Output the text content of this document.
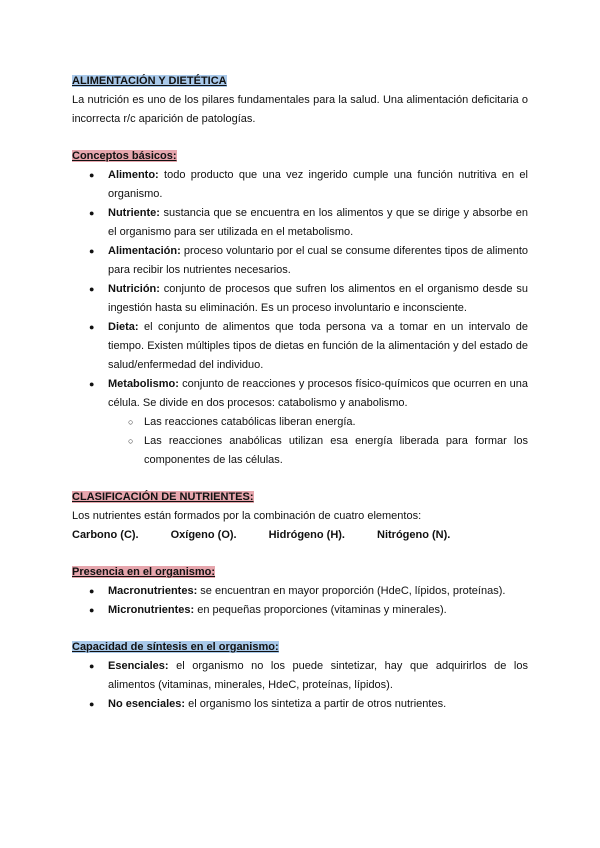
ALIMENTACIÓN Y DIETÉTICA

La nutrición es uno de los pilares fundamentales para la salud. Una alimentación deficitaria o incorrecta r/c aparición de patologías.

Conceptos básicos:

● Alimento: todo producto que una vez ingerido cumple una función nutritiva en el organismo.
● Nutriente: sustancia que se encuentra en los alimentos y que se dirige y absorbe en el organismo para ser utilizada en el metabolismo.
● Alimentación: proceso voluntario por el cual se consume diferentes tipos de alimento para recibir los nutrientes necesarios.
● Nutrición: conjunto de procesos que sufren los alimentos en el organismo desde su ingestión hasta su eliminación. Es un proceso involuntario e inconsciente.
● Dieta: el conjunto de alimentos que toda persona va a tomar en un intervalo de tiempo. Existen múltiples tipos de dietas en función de la alimentación y del estado de salud/enfermedad del individuo.
● Metabolismo: conjunto de reacciones y procesos físico-químicos que ocurren en una célula. Se divide en dos procesos: catabolismo y anabolismo.
○ Las reacciones catabólicas liberan energía.
○ Las reacciones anabólicas utilizan esa energía liberada para formar los componentes de las células.

CLASIFICACIÓN DE NUTRIENTES:

Los nutrientes están formados por la combinación de cuatro elementos:

Carbono (C).	Oxígeno (O).	Hidrógeno (H).	Nitrógeno (N).

Presencia en el organismo:

● Macronutrientes: se encuentran en mayor proporción (HdeC, lípidos, proteínas).
● Micronutrientes: en pequeñas proporciones (vitaminas y minerales).

Capacidad de síntesis en el organismo:

● Esenciales: el organismo no los puede sintetizar, hay que adquirirlos de los alimentos (vitaminas, minerales, HdeC, proteínas, lípidos).
● No esenciales: el organismo los sintetiza a partir de otros nutrientes.
